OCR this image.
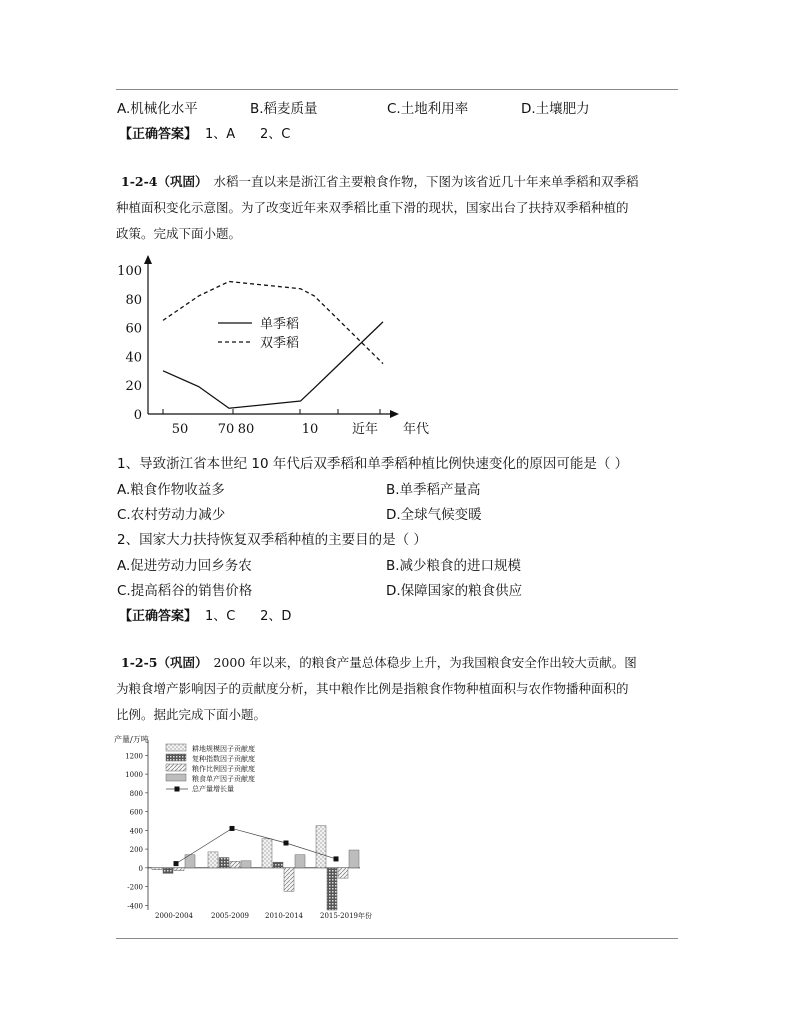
A.机械化水平	B.稻麦质量	C.土地利用率	D.土壤肥力
【正确答案】 1、A      2、C
1-2-4（巩固） 水稻一直以来是浙江省主要粮食作物，下图为该省近几十年来单季稻和双季稻
种植面积变化示意图。为了改变近年来双季稻比重下滑的现状，国家出台了扶持双季稻种植的
政策。完成下面小题。
0
20
40
60
80
100
50 70 80	10	近年 年代
单季稻
双季稻
1、导致浙江省本世纪 10 年代后双季稻和单季稻种植比例快速变化的原因可能是（ ）
A.粮食作物收益多	B.单季稻产量高
C.农村劳动力减少	D.全球气候变暖
2、国家大力扶持恢复双季稻种植的主要目的是（ ）
A.促进劳动力回乡务农	B.减少粮食的进口规模
C.提高稻谷的销售价格	D.保障国家的粮食供应
【正确答案】 1、C      2、D
1-2-5（巩固） 2000 年以来，的粮食产量总体稳步上升，为我国粮食安全作出较大贡献。图
为粮食增产影响因子的贡献度分析，其中粮作比例是指粮食作物种植面积与农作物播种面积的
比例。据此完成下面小题。
产量/万吨
-400
-200
0
200
400
600
800
1000
1200
2000-2004	2005-2009 2010-2014 2015-2019年份
耕地规模因子贡献度
复种指数因子贡献度
粮作比例因子贡献度
粮食单产因子贡献度
总产量增长量
